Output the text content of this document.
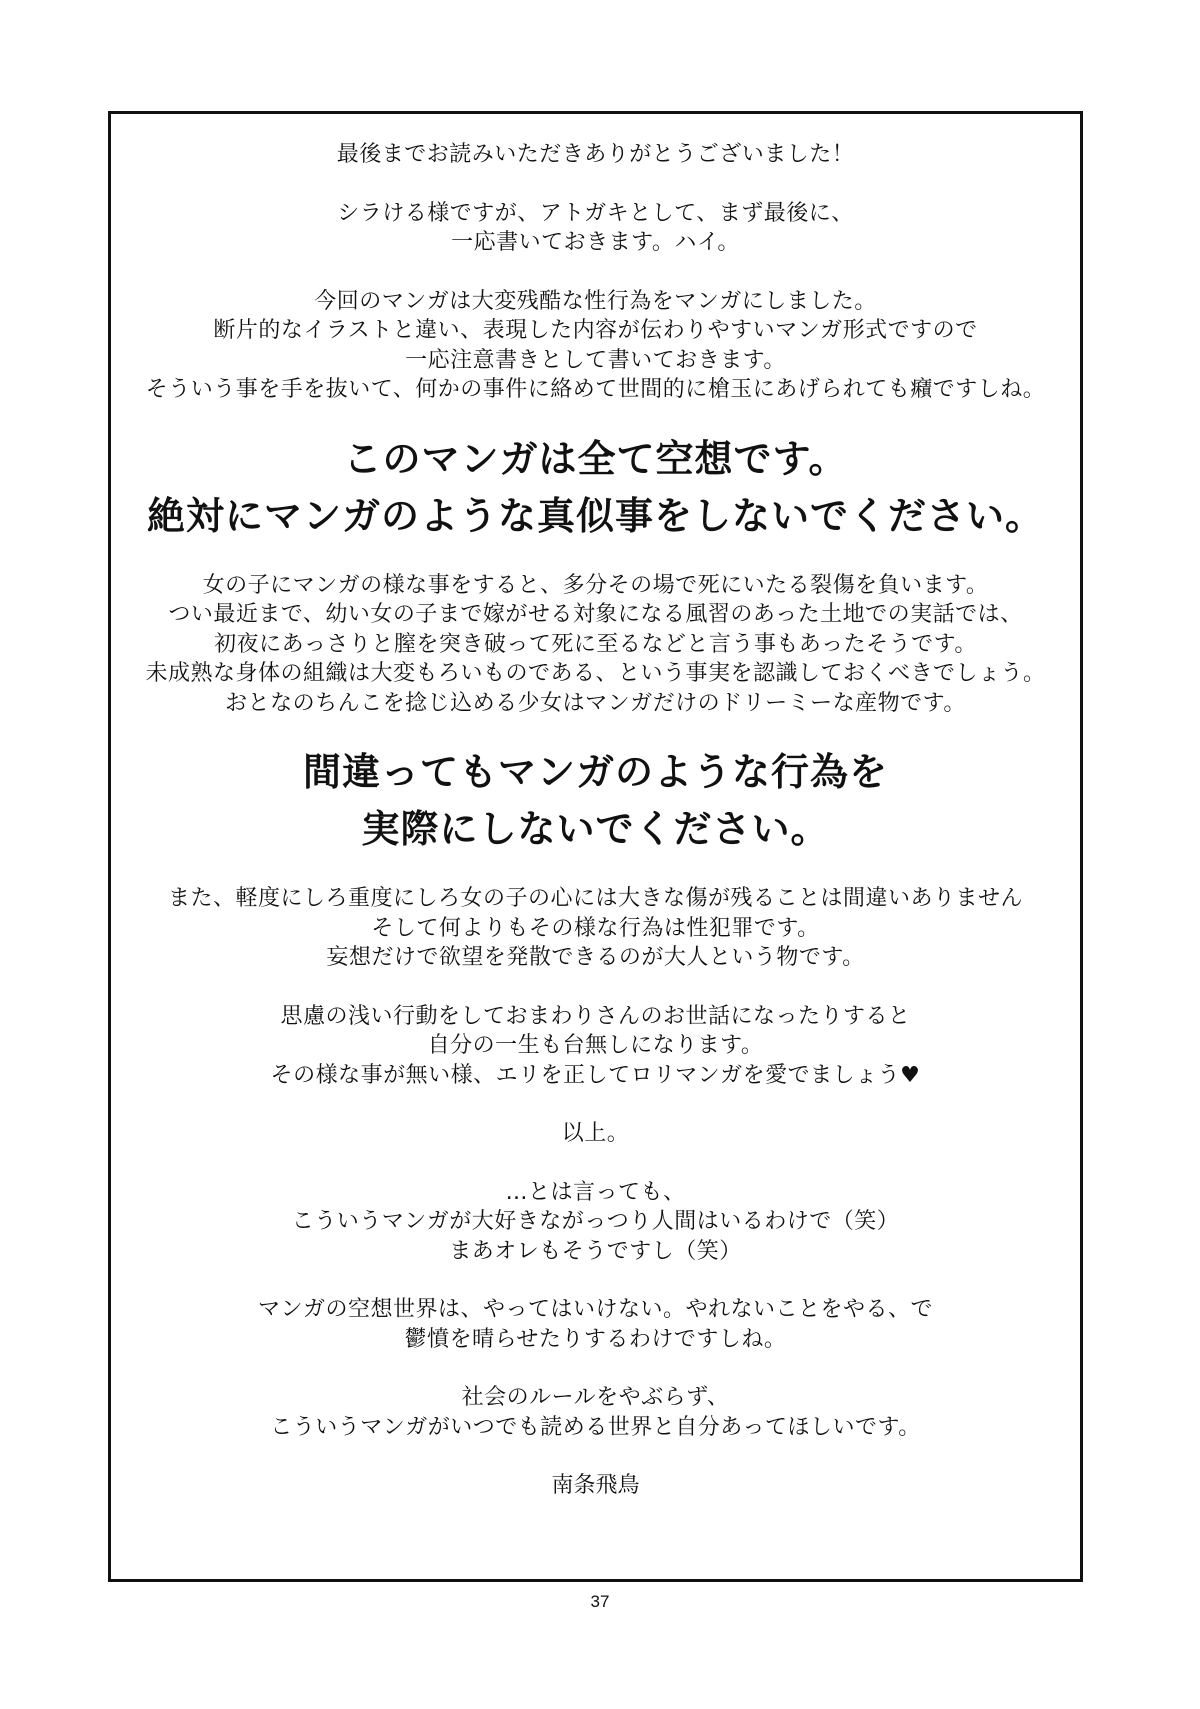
最後までお読みいただきありがとうございました！

シラける様ですが、アトガキとして、まず最後に、
一応書いておきます。ハイ。

今回のマンガは大変残酷な性行為をマンガにしました。
断片的なイラストと違い、表現した内容が伝わりやすいマンガ形式ですので
一応注意書きとして書いておきます。
そういう事を手を抜いて、何かの事件に絡めて世間的に槍玉にあげられても癪ですしね。

このマンガは全て空想です。
絶対にマンガのような真似事をしないでください。

女の子にマンガの様な事をすると、多分その場で死にいたる裂傷を負います。
つい最近まで、幼い女の子まで嫁がせる対象になる風習のあった土地での実話では、
初夜にあっさりと膣を突き破って死に至るなどと言う事もあったそうです。
未成熟な身体の組織は大変もろいものである、という事実を認識しておくべきでしょう。
おとなのちんこを捻じ込める少女はマンガだけのドリーミーな産物です。

間違ってもマンガのような行為を
実際にしないでください。

また、軽度にしろ重度にしろ女の子の心には大きな傷が残ることは間違いありません
そして何よりもその様な行為は性犯罪です。
妄想だけで欲望を発散できるのが大人という物です。

思慮の浅い行動をしておまわりさんのお世話になったりすると
自分の一生も台無しになります。
その様な事が無い様、エリを正してロリマンガを愛でましょう♥

以上。

…とは言っても、
こういうマンガが大好きながっつり人間はいるわけで（笑）
まあオレもそうですし（笑）

マンガの空想世界は、やってはいけない。やれないことをやる、で
鬱憤を晴らせたりするわけですしね。

社会のルールをやぶらず、
こういうマンガがいつでも読める世界と自分あってほしいです。

南条飛鳥

37
